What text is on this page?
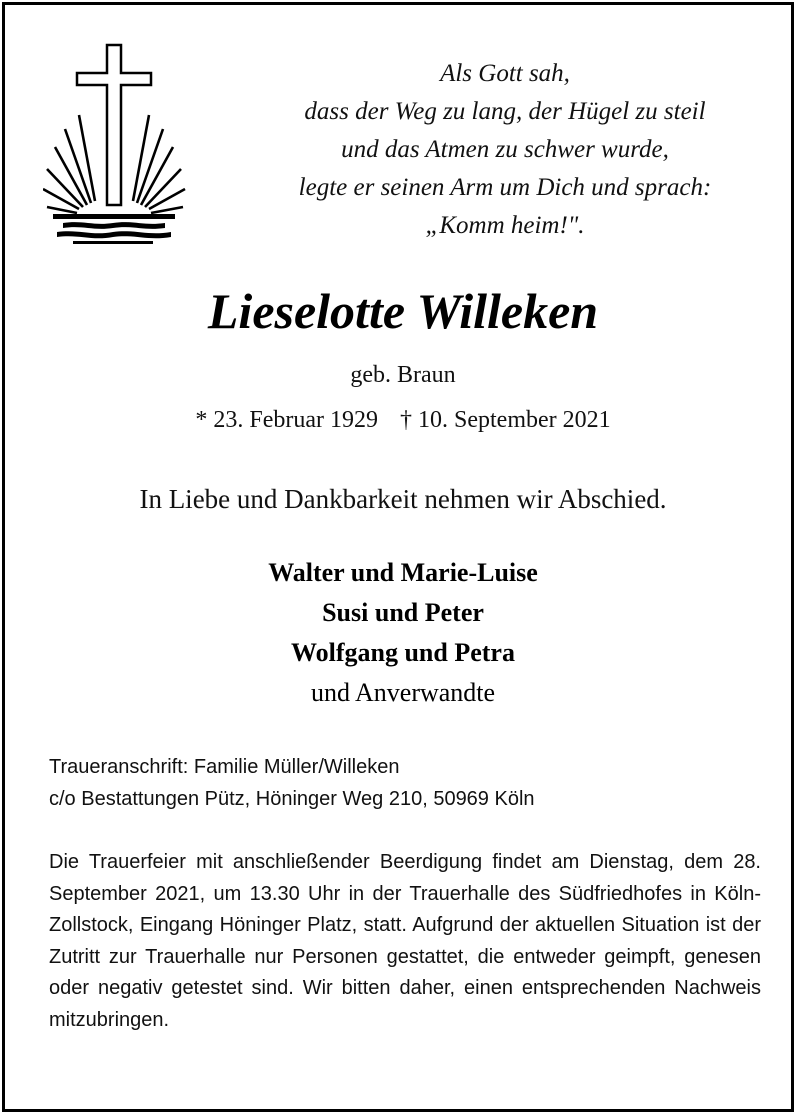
Als Gott sah,
dass der Weg zu lang, der Hügel zu steil
und das Atmen zu schwer wurde,
legte er seinen Arm um Dich und sprach:
„Komm heim!".
Lieselotte Willeken
geb. Braun
* 23. Februar 1929 † 10. September 2021
In Liebe und Dankbarkeit nehmen wir Abschied.
Walter und Marie-Luise
Susi und Peter
Wolfgang und Petra
und Anverwandte
Traueranschrift: Familie Müller/Willeken
c/o Bestattungen Pütz, Höninger Weg 210, 50969 Köln
Die Trauerfeier mit anschließender Beerdigung findet am Dienstag, dem 28. September 2021, um 13.30 Uhr in der Trauerhalle des Südfriedhofes in Köln-Zollstock, Eingang Höninger Platz, statt. Aufgrund der aktuellen Situation ist der Zutritt zur Trauerhalle nur Personen gestattet, die entweder geimpft, genesen oder negativ getestet sind. Wir bitten daher, einen entsprechenden Nachweis mitzubringen.
